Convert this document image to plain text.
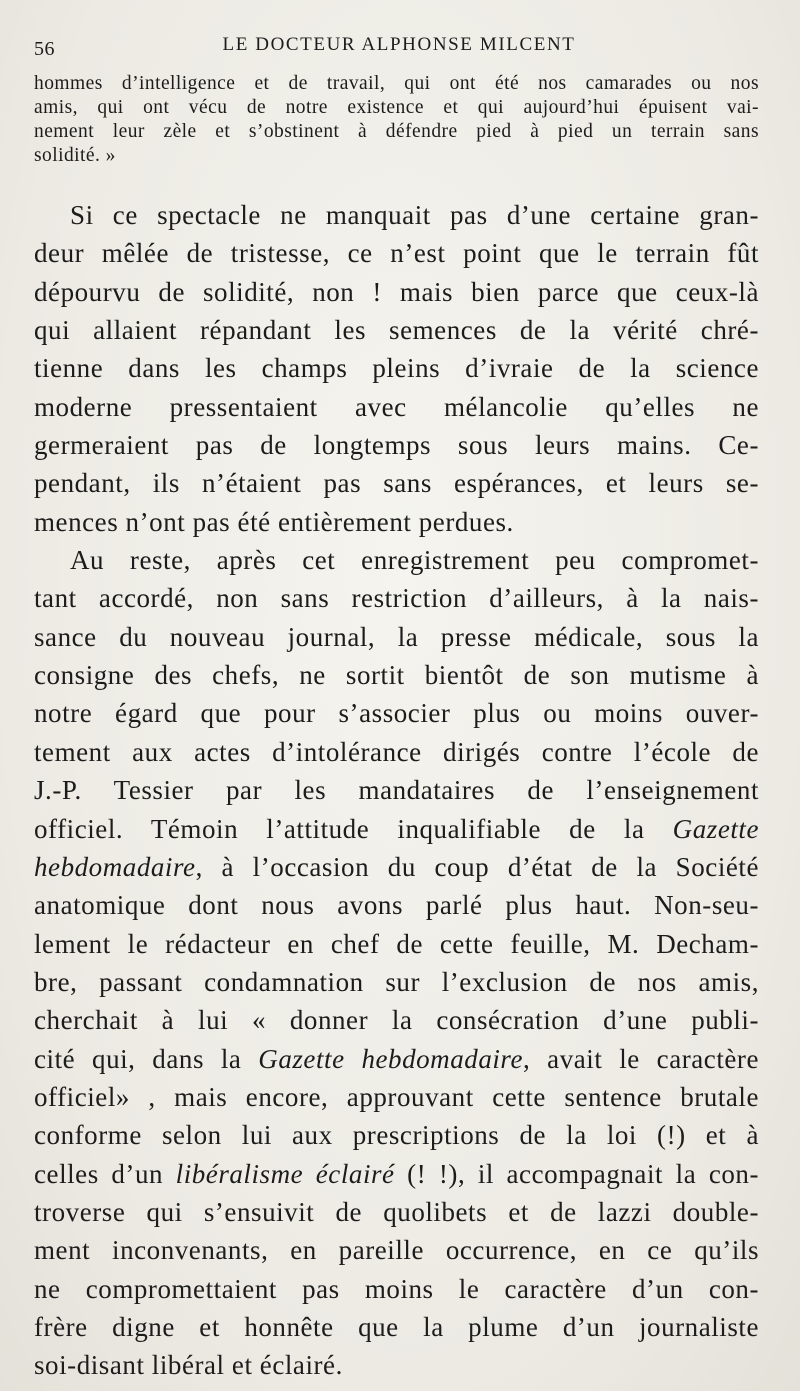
56	LE DOCTEUR ALPHONSE MILCENT
hommes d’intelligence et de travail, qui ont été nos camarades ou nos
amis, qui ont vécu de notre existence et qui aujourd’hui épuisent vai-
nement leur zèle et s’obstinent à défendre pied à pied un terrain sans
solidité. »
Si ce spectacle ne manquait pas d’une certaine gran-
deur mêlée de tristesse, ce n’est point que le terrain fût
dépourvu de solidité, non ! mais bien parce que ceux-là
qui allaient répandant les semences de la vérité chré-
tienne dans les champs pleins d’ivraie de la science
moderne pressentaient avec mélancolie qu’elles ne
germeraient pas de longtemps sous leurs mains. Ce-
pendant, ils n’étaient pas sans espérances, et leurs se-
mences n’ont pas été entièrement perdues.
Au reste, après cet enregistrement peu compromet-
tant accordé, non sans restriction d’ailleurs, à la nais-
sance du nouveau journal, la presse médicale, sous la
consigne des chefs, ne sortit bientôt de son mutisme à
notre égard que pour s’associer plus ou moins ouver-
tement aux actes d’intolérance dirigés contre l’école de
J.-P. Tessier par les mandataires de l’enseignement
officiel. Témoin l’attitude inqualifiable de la Gazette
hebdomadaire, à l’occasion du coup d’état de la Société
anatomique dont nous avons parlé plus haut. Non-seu-
lement le rédacteur en chef de cette feuille, M. Decham-
bre, passant condamnation sur l’exclusion de nos amis,
cherchait à lui « donner la consécration d’une publi-
cité qui, dans la Gazette hebdomadaire, avait le caractère
officiel» , mais encore, approuvant cette sentence brutale
conforme selon lui aux prescriptions de la loi (!) et à
celles d’un libéralisme éclairé (! !), il accompagnait la con-
troverse qui s’ensuivit de quolibets et de lazzi double-
ment inconvenants, en pareille occurrence, en ce qu’ils
ne compromettaient pas moins le caractère d’un con-
frère digne et honnête que la plume d’un journaliste
soi-disant libéral et éclairé.
